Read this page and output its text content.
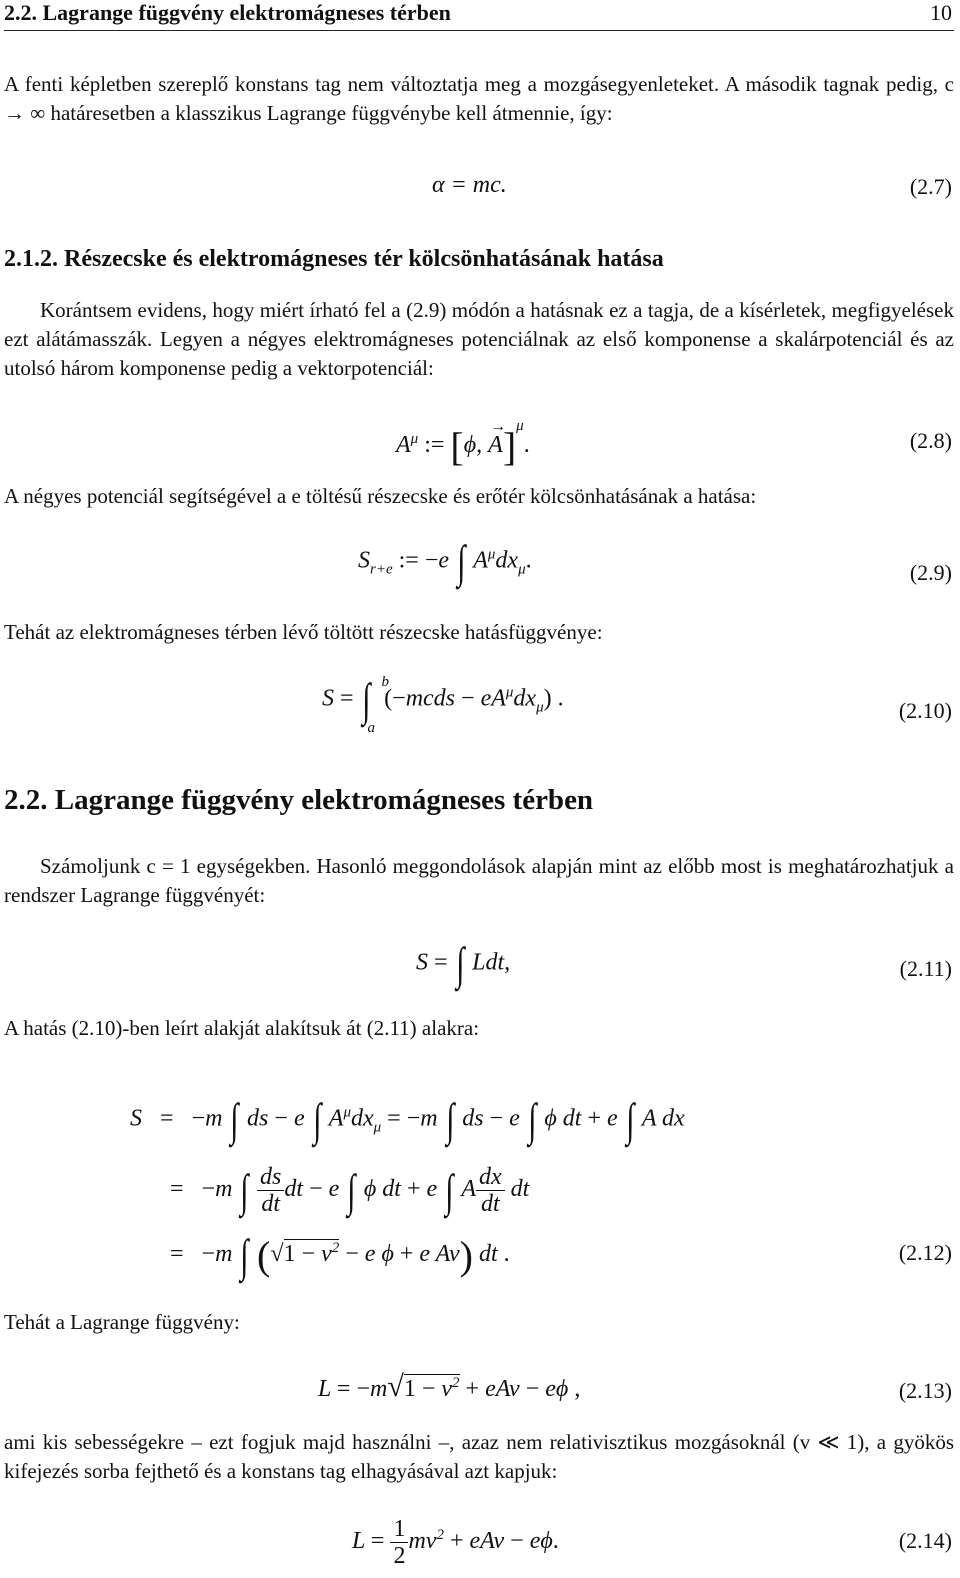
2.2. Lagrange függvény elektromágneses térben	10
A fenti képletben szereplő konstans tag nem változtatja meg a mozgásegyenleteket. A második tagnak pedig, c → ∞ határesetben a klasszikus Lagrange függvénybe kell átmennie, így:
α = mc.	(2.7)
2.1.2. Részecske és elektromágneses tér kölcsönhatásának hatása
Korántsem evidens, hogy miért írható fel a (2.9) módón a hatásnak ez a tagja, de a kísérletek, megfigyelések ezt alátámasszák. Legyen a négyes elektromágneses potenciálnak az első komponense a skalárpotenciál és az utolsó három komponense pedig a vektorpotenciál:
$A^\mu$ := [ϕ, A
→
]$^\mu$.	(2.8)
A négyes potenciál segítségével a e töltésű részecske és erőtér kölcsönhatásának a hatása:
$S_{r+e}$ := −e ∫ $A^\mu dx_\mu$.	(2.9)
Tehát az elektromágneses térben lévő töltött részecske hatásfüggvénye:
S = ∫ b
a
(−mcds − $eA^\mu dx_\mu$) .	(2.10)
2.2. Lagrange függvény elektromágneses térben
Számoljunk c = 1 egységekben. Hasonló meggondolások alapján mint az előbb most is meghatározhatjuk a rendszer Lagrange függvényét:
S = ∫ Ldt,	(2.11)
A hatás (2.10)-ben leírt alakját alakítsuk át (2.11) alakra:
S   = −m ∫ ds − e ∫ $A^\mu dx_\mu = -m$ ∫ ds − e ∫ ϕ dt + e ∫ A dx
= −m ∫ $\frac{ds}{dt}$ dt − e ∫ ϕ dt + e ∫ A $\frac{dx}{dt}$ dt
= −m ∫ ($√1 - v^2 - e$ ϕ + e Av) dt .	(2.12)
Tehát a Lagrange függvény:
$L = -m√1 - v^2$ + eAv − eϕ ,	(2.13)
ami kis sebességekre – ezt fogjuk majd használni –, azaz nem relativisztikus mozgásoknál (v ≪ 1), a gyökös kifejezés sorba fejthető és a konstans tag elhagyásával azt kapjuk:
$L = \frac{1}{2} mv^2$ + eAv − eϕ.	(2.14)
